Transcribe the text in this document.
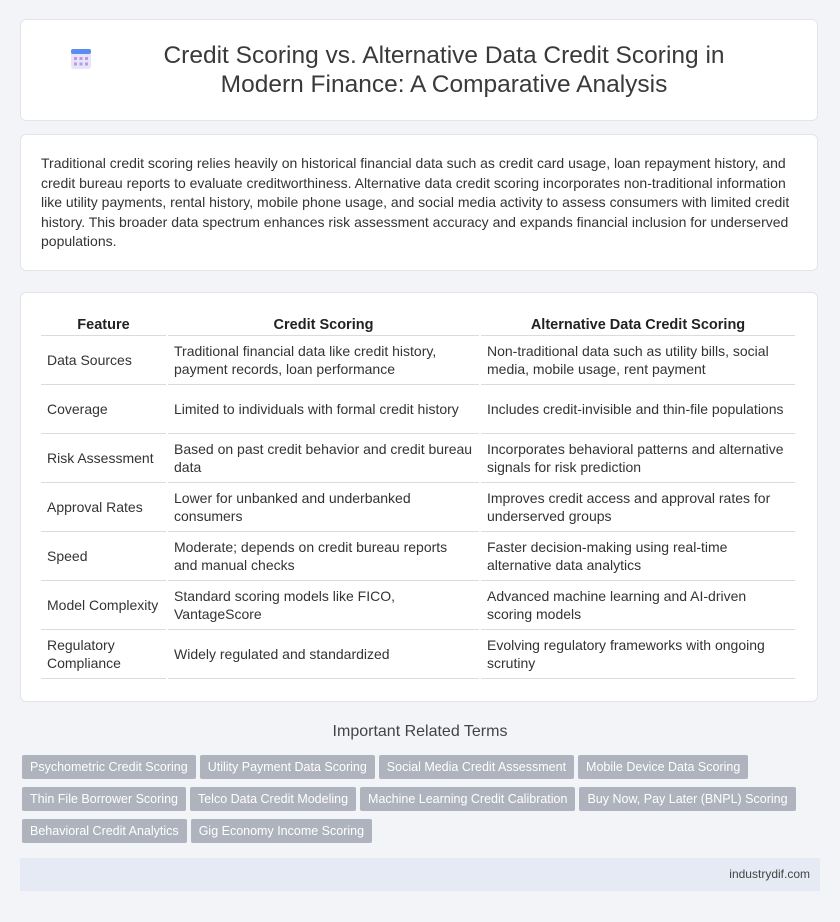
Credit Scoring vs. Alternative Data Credit Scoring in Modern Finance: A Comparative Analysis

Traditional credit scoring relies heavily on historical financial data such as credit card usage, loan repayment history, and credit bureau reports to evaluate creditworthiness. Alternative data credit scoring incorporates non-traditional information like utility payments, rental history, mobile phone usage, and social media activity to assess consumers with limited credit history. This broader data spectrum enhances risk assessment accuracy and expands financial inclusion for underserved populations.

Feature	Credit Scoring	Alternative Data Credit Scoring
Data Sources	Traditional financial data like credit history, payment records, loan performance	Non-traditional data such as utility bills, social media, mobile usage, rent payment
Coverage	Limited to individuals with formal credit history	Includes credit-invisible and thin-file populations
Risk Assessment	Based on past credit behavior and credit bureau data	Incorporates behavioral patterns and alternative signals for risk prediction
Approval Rates	Lower for unbanked and underbanked consumers	Improves credit access and approval rates for underserved groups
Speed	Moderate; depends on credit bureau reports and manual checks	Faster decision-making using real-time alternative data analytics
Model Complexity	Standard scoring models like FICO, VantageScore	Advanced machine learning and AI-driven scoring models
Regulatory Compliance	Widely regulated and standardized	Evolving regulatory frameworks with ongoing scrutiny
Important Related Terms
Psychometric Credit Scoring Utility Payment Data Scoring Social Media Credit Assessment Mobile Device Data Scoring
Thin File Borrower Scoring Telco Data Credit Modeling Machine Learning Credit Calibration Buy Now, Pay Later (BNPL) Scoring
Behavioral Credit Analytics Gig Economy Income Scoring
industrydif.com
